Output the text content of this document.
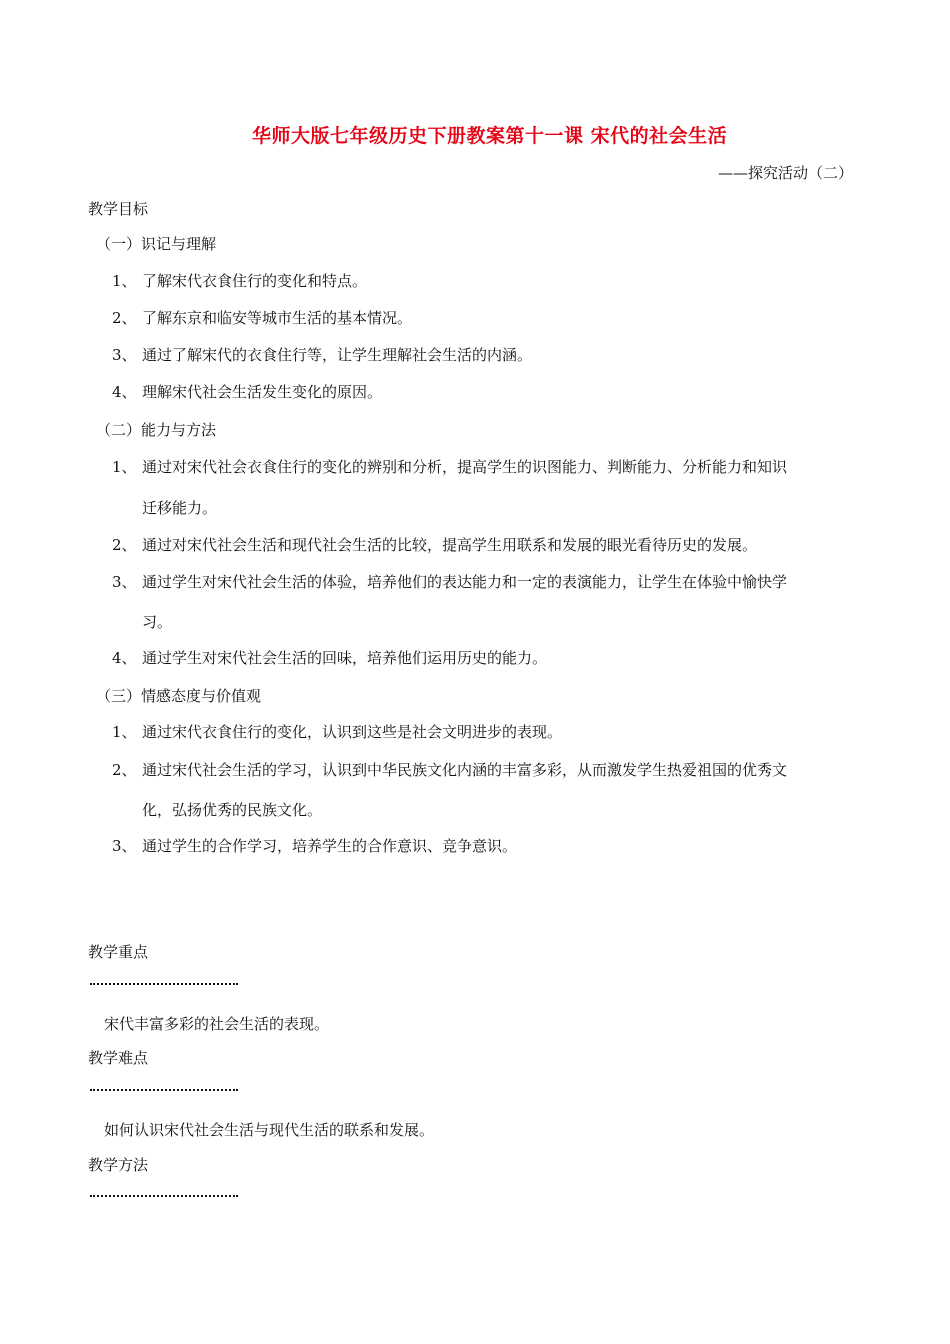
华师大版七年级历史下册教案第十一课 宋代的社会生活
——探究活动（二）
教学目标
（一）识记与理解
1、 了解宋代衣食住行的变化和特点。
2、 了解东京和临安等城市生活的基本情况。
3、 通过了解宋代的衣食住行等，让学生理解社会生活的内涵。
4、 理解宋代社会生活发生变化的原因。
（二）能力与方法
1、 通过对宋代社会衣食住行的变化的辨别和分析，提高学生的识图能力、判断能力、分析能力和知识
迁移能力。
2、 通过对宋代社会生活和现代社会生活的比较，提高学生用联系和发展的眼光看待历史的发展。
3、 通过学生对宋代社会生活的体验，培养他们的表达能力和一定的表演能力，让学生在体验中愉快学
习。
4、 通过学生对宋代社会生活的回味，培养他们运用历史的能力。
（三）情感态度与价值观
1、 通过宋代衣食住行的变化，认识到这些是社会文明进步的表现。
2、 通过宋代社会生活的学习，认识到中华民族文化内涵的丰富多彩，从而激发学生热爱祖国的优秀文
化，弘扬优秀的民族文化。
3、 通过学生的合作学习，培养学生的合作意识、竞争意识。
教学重点
宋代丰富多彩的社会生活的表现。
教学难点
如何认识宋代社会生活与现代生活的联系和发展。
教学方法
